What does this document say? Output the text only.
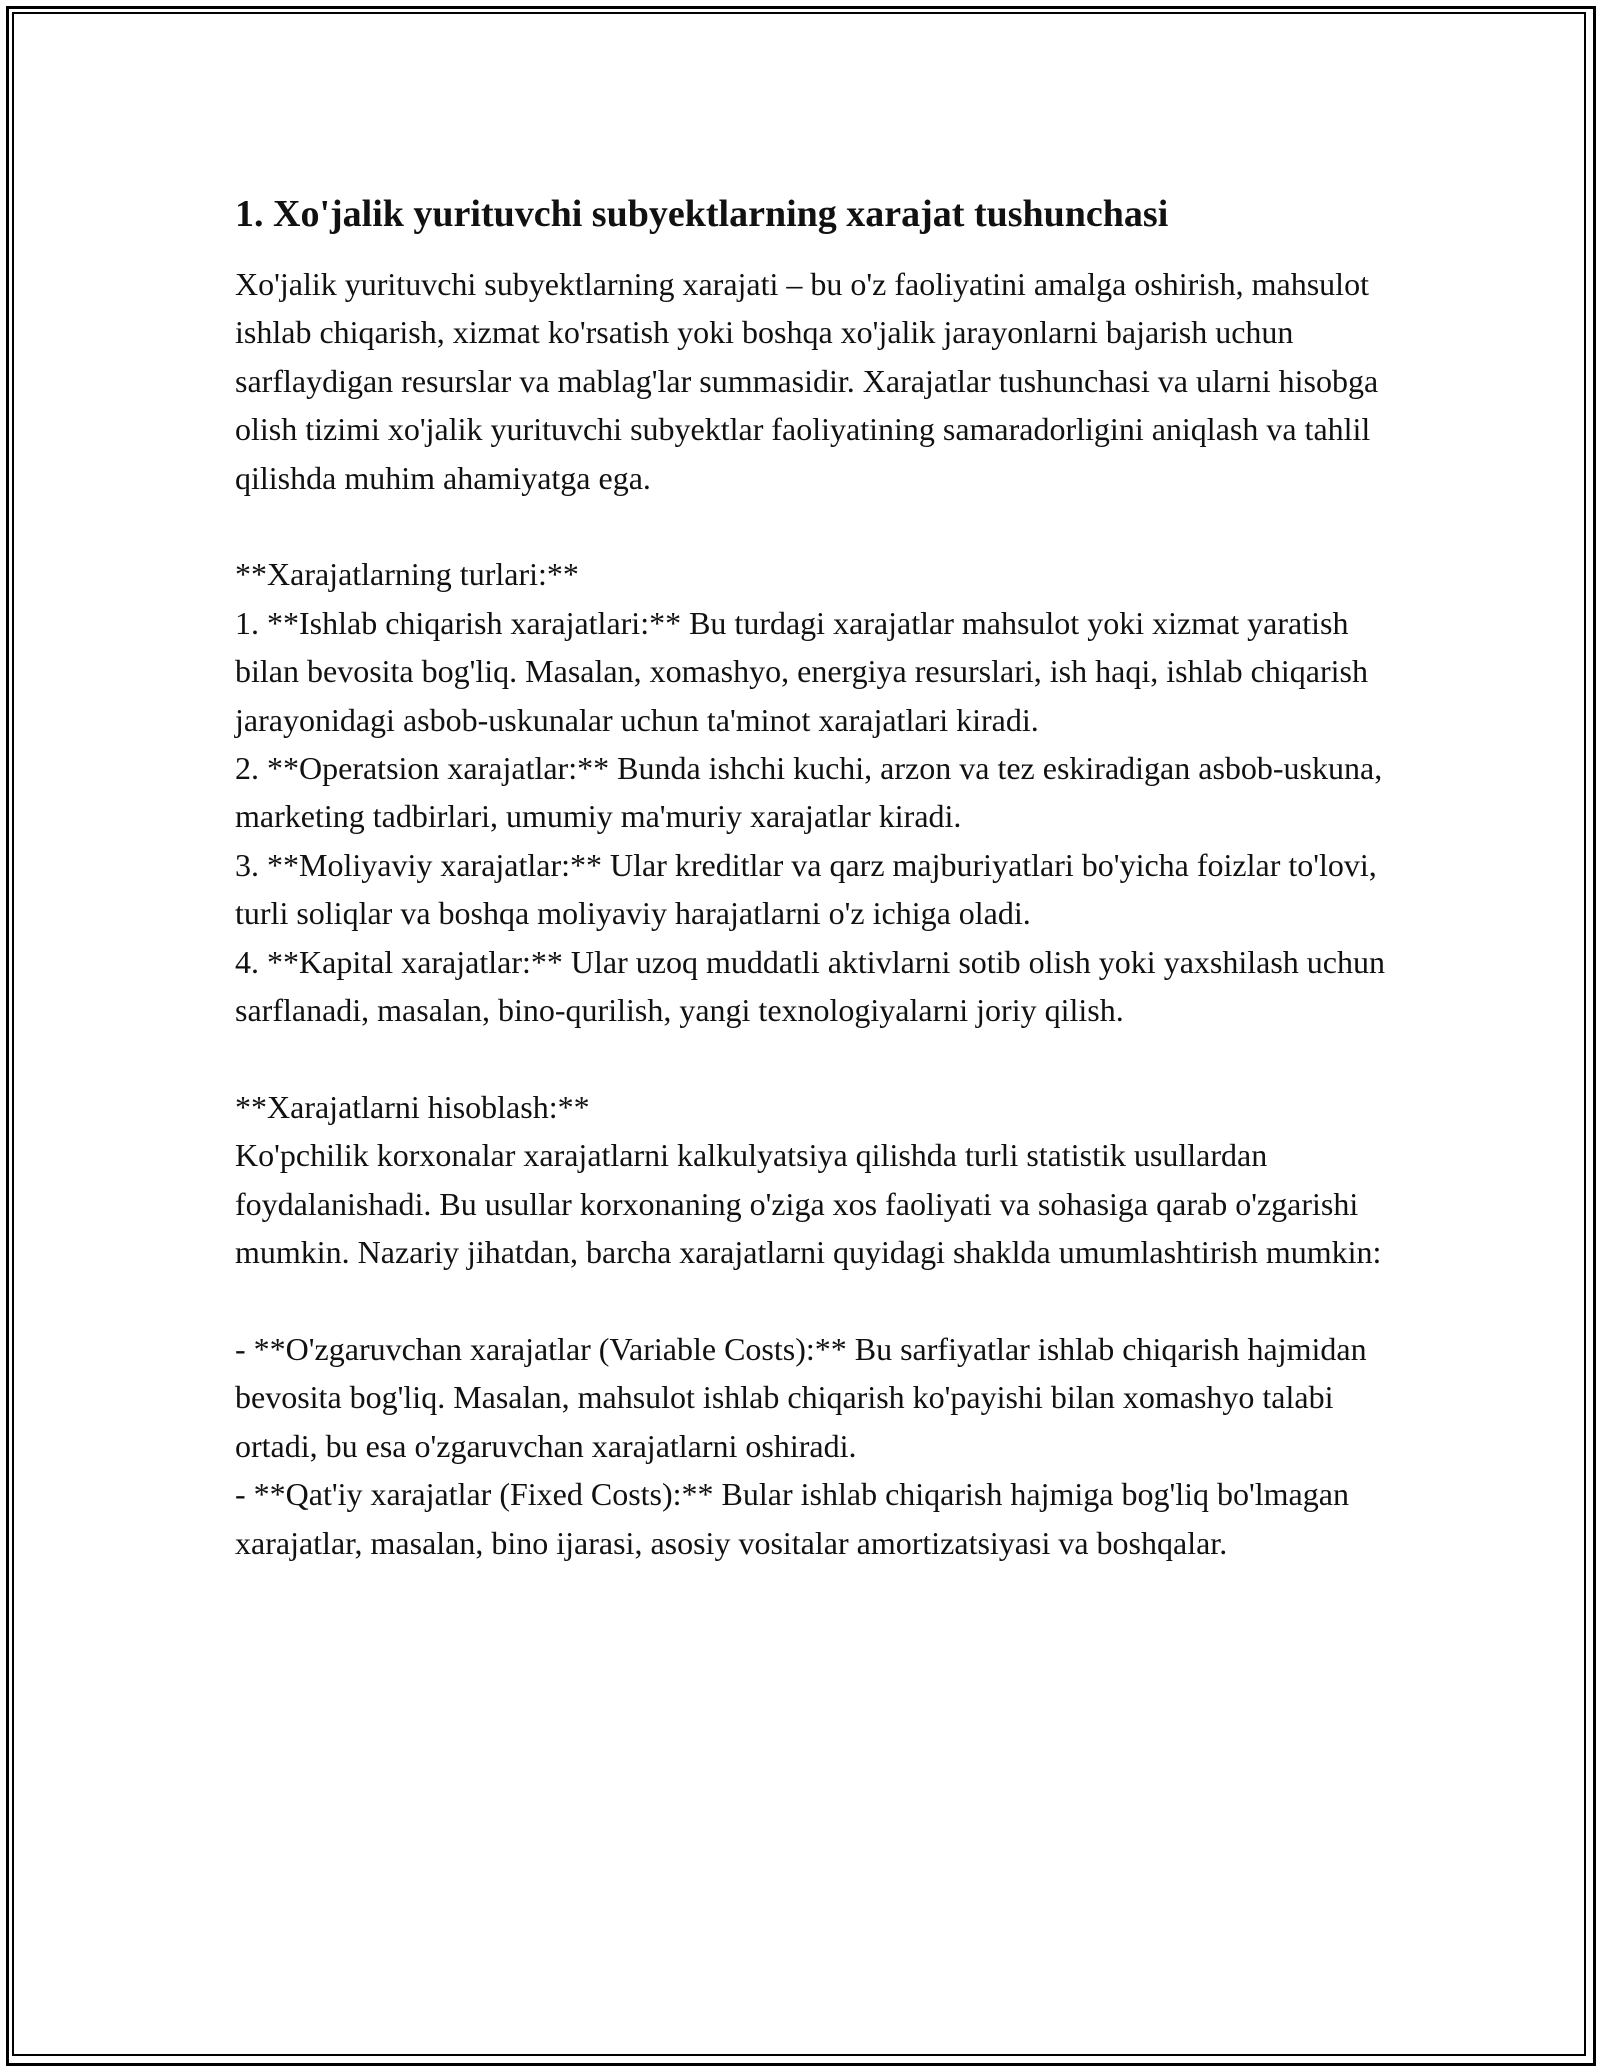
1. Xo'jalik yurituvchi subyektlarning xarajat tushunchasi

Xo'jalik yurituvchi subyektlarning xarajati – bu o'z faoliyatini amalga oshirish, mahsulot ishlab chiqarish, xizmat ko'rsatish yoki boshqa xo'jalik jarayonlarni bajarish uchun sarflaydigan resurslar va mablag'lar summasidir. Xarajatlar tushunchasi va ularni hisobga olish tizimi xo'jalik yurituvchi subyektlar faoliyatining samaradorligini aniqlash va tahlil qilishda muhim ahamiyatga ega.

**Xarajatlarning turlari:**

1. **Ishlab chiqarish xarajatlari:** Bu turdagi xarajatlar mahsulot yoki xizmat yaratish bilan bevosita bog'liq. Masalan, xomashyo, energiya resurslari, ish haqi, ishlab chiqarish jarayonidagi asbob-uskunalar uchun ta'minot xarajatlari kiradi.

2. **Operatsion xarajatlar:** Bunda ishchi kuchi, arzon va tez eskiradigan asbob-uskuna, marketing tadbirlari, umumiy ma'muriy xarajatlar kiradi.

3. **Moliyaviy xarajatlar:** Ular kreditlar va qarz majburiyatlari bo'yicha foizlar to'lovi, turli soliqlar va boshqa moliyaviy harajatlarni o'z ichiga oladi.

4. **Kapital xarajatlar:** Ular uzoq muddatli aktivlarni sotib olish yoki yaxshilash uchun sarflanadi, masalan, bino-qurilish, yangi texnologiyalarni joriy qilish.

**Xarajatlarni hisoblash:**

Ko'pchilik korxonalar xarajatlarni kalkulyatsiya qilishda turli statistik usullardan foydalanishadi. Bu usullar korxonaning o'ziga xos faoliyati va sohasiga qarab o'zgarishi mumkin. Nazariy jihatdan, barcha xarajatlarni quyidagi shaklda umumlashtirish mumkin:

- **O'zgaruvchan xarajatlar (Variable Costs):** Bu sarfiyatlar ishlab chiqarish hajmidan bevosita bog'liq. Masalan, mahsulot ishlab chiqarish ko'payishi bilan xomashyo talabi ortadi, bu esa o'zgaruvchan xarajatlarni oshiradi.

- **Qat'iy xarajatlar (Fixed Costs):** Bular ishlab chiqarish hajmiga bog'liq bo'lmagan xarajatlar, masalan, bino ijarasi, asosiy vositalar amortizatsiyasi va boshqalar.
